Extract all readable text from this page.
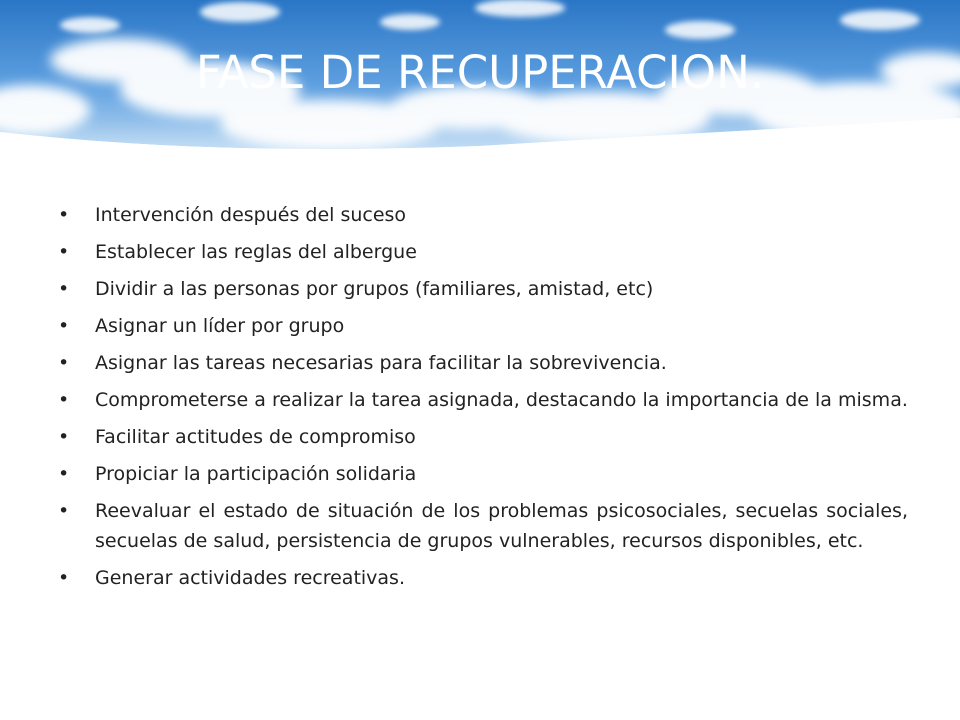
FASE DE RECUPERACION.
• Intervención después del suceso
• Establecer las reglas del albergue
• Dividir a las personas por grupos (familiares, amistad, etc)
• Asignar un líder por grupo
• Asignar las tareas necesarias para facilitar la sobrevivencia.
• Comprometerse a realizar la tarea asignada, destacando la importancia de la misma.
• Facilitar actitudes de compromiso
• Propiciar la participación solidaria
• Reevaluar el estado de situación de los problemas psicosociales, secuelas sociales, secuelas de salud, persistencia de grupos vulnerables, recursos disponibles, etc.
• Generar actividades recreativas.
